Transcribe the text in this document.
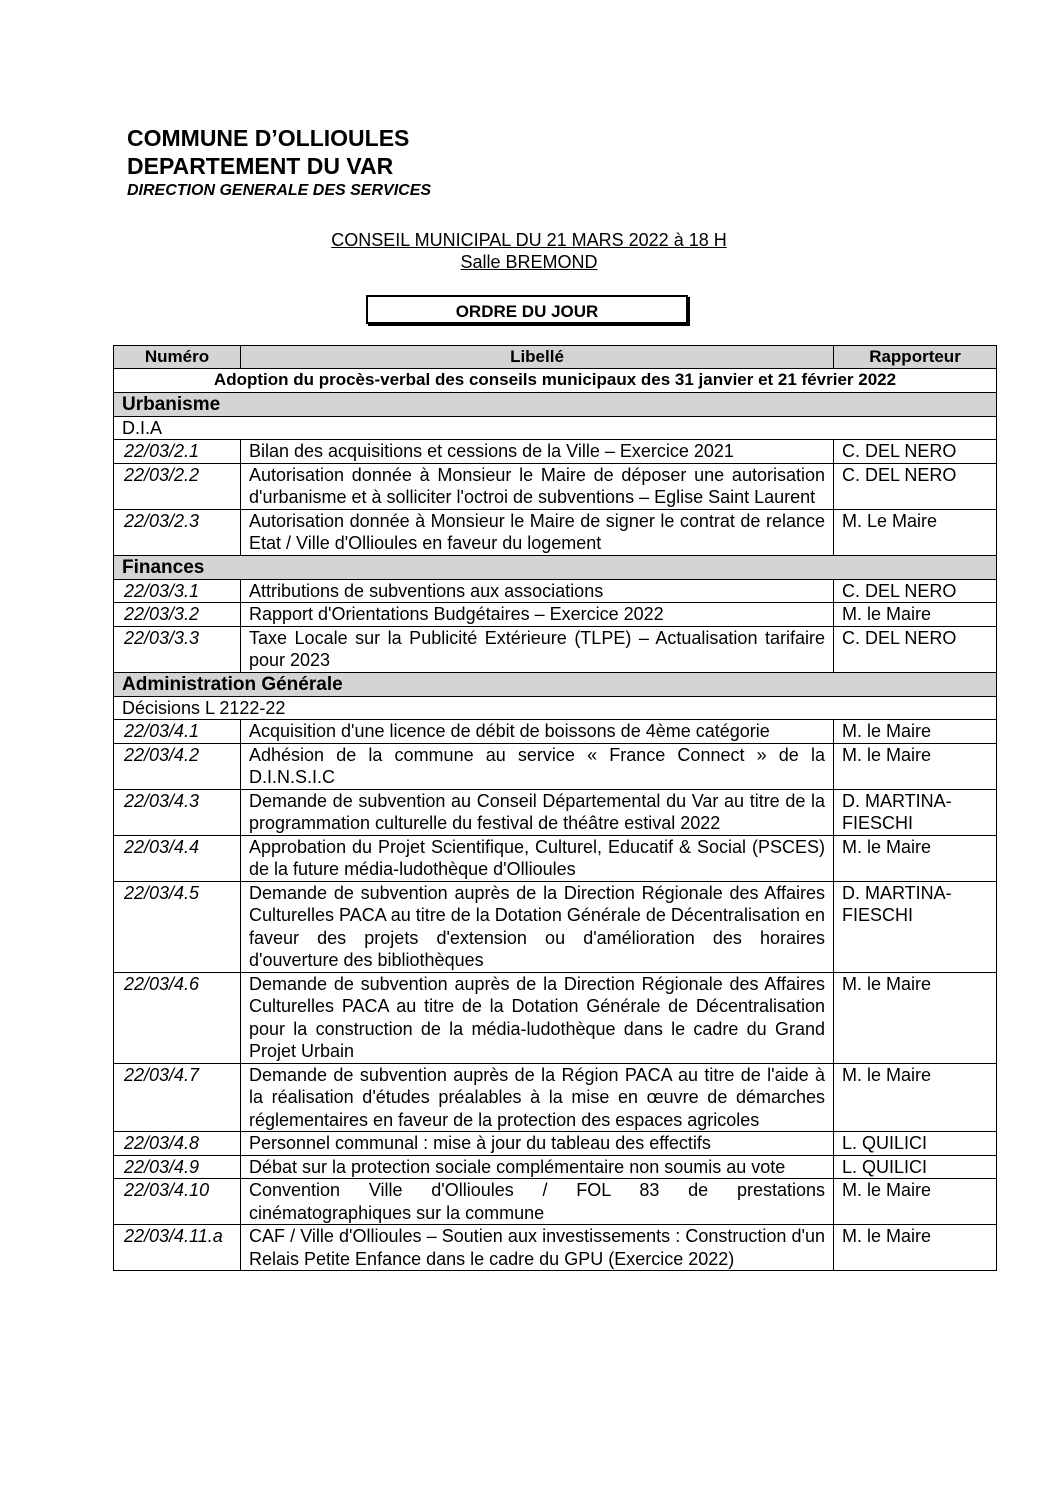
COMMUNE D’OLLIOULES
DEPARTEMENT DU VAR
DIRECTION GENERALE DES SERVICES
CONSEIL MUNICIPAL DU 21 MARS 2022 à 18 H
Salle BREMOND
ORDRE DU JOUR
Numéro	Libellé	Rapporteur
Adoption du procès-verbal des conseils municipaux des 31 janvier et 21 février 2022		
Urbanisme		
D.I.A		
22/03/2.1	Bilan des acquisitions et cessions de la Ville – Exercice 2021	C. DEL NERO
22/03/2.2	Autorisation donnée à Monsieur le Maire de déposer une autorisation d'urbanisme et à solliciter l'octroi de subventions – Eglise Saint Laurent	C. DEL NERO
22/03/2.3	Autorisation donnée à Monsieur le Maire de signer le contrat de relance Etat / Ville d'Ollioules en faveur du logement	M. Le Maire
Finances		
22/03/3.1	Attributions de subventions aux associations	C. DEL NERO
22/03/3.2	Rapport d'Orientations Budgétaires – Exercice 2022	M. le Maire
22/03/3.3	Taxe Locale sur la Publicité Extérieure (TLPE) – Actualisation tarifaire pour 2023	C. DEL NERO
Administration Générale		
Décisions L 2122-22		
22/03/4.1	Acquisition d'une licence de débit de boissons de 4ème catégorie	M. le Maire
22/03/4.2	Adhésion de la commune au service « France Connect » de la D.I.N.S.I.C	M. le Maire
22/03/4.3	Demande de subvention au Conseil Départemental du Var au titre de la programmation culturelle du festival de théâtre estival 2022	D. MARTINA-FIESCHI
22/03/4.4	Approbation du Projet Scientifique, Culturel, Educatif & Social (PSCES) de la future média-ludothèque d'Ollioules	M. le Maire
22/03/4.5	Demande de subvention auprès de la Direction Régionale des Affaires Culturelles PACA au titre de la Dotation Générale de Décentralisation en faveur des projets d'extension ou d'amélioration des horaires d'ouverture des bibliothèques	D. MARTINA-FIESCHI
22/03/4.6	Demande de subvention auprès de la Direction Régionale des Affaires Culturelles PACA au titre de la Dotation Générale de Décentralisation pour la construction de la média-ludothèque dans le cadre du Grand Projet Urbain	M. le Maire
22/03/4.7	Demande de subvention auprès de la Région PACA au titre de l'aide à la réalisation d'études préalables à la mise en œuvre de démarches réglementaires en faveur de la protection des espaces agricoles	M. le Maire
22/03/4.8	Personnel communal : mise à jour du tableau des effectifs	L. QUILICI
22/03/4.9	Débat sur la protection sociale complémentaire non soumis au vote	L. QUILICI
22/03/4.10	Convention Ville d'Ollioules / FOL 83 de prestations cinématographiques sur la commune	M. le Maire
22/03/4.11.a	CAF / Ville d'Ollioules – Soutien aux investissements : Construction d'un Relais Petite Enfance dans le cadre du GPU (Exercice 2022)	M. le Maire
